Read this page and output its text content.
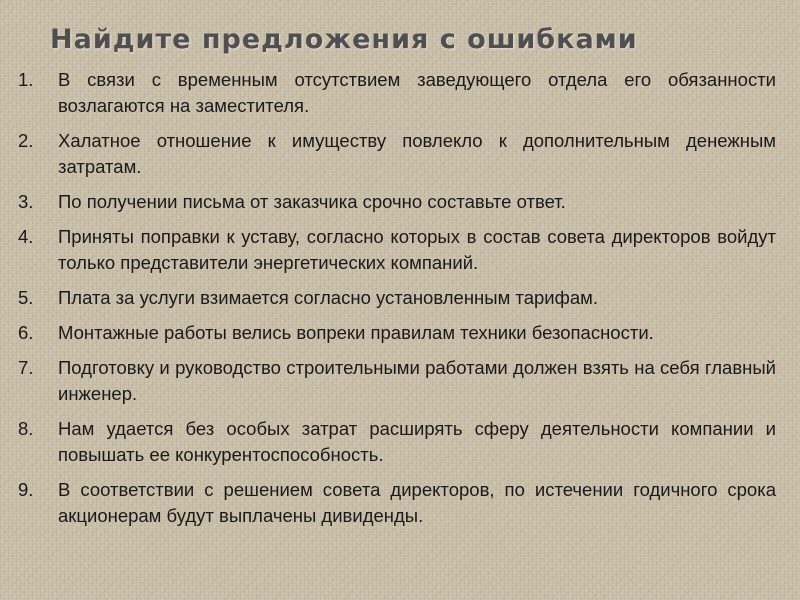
Найдите предложения с ошибками
1.	В связи с временным отсутствием заведующего отдела его обязанности возлагаются на заместителя.
2.	Халатное отношение к имуществу повлекло к дополнительным денежным затратам.
3.	По получении письма от заказчика срочно составьте ответ.
4.	Приняты поправки к уставу, согласно которых в состав совета директоров войдут только представители энергетических компаний.
5.	Плата за услуги взимается согласно установленным тарифам.
6.	Монтажные работы велись вопреки правилам техники безопасности.
7.	Подготовку и руководство строительными работами должен взять на себя главный инженер.
8.	Нам удается без особых затрат расширять сферу деятельности компании и повышать ее конкурентоспособность.
9.	В соответствии с решением совета директоров, по истечении годичного срока акционерам будут выплачены дивиденды.
